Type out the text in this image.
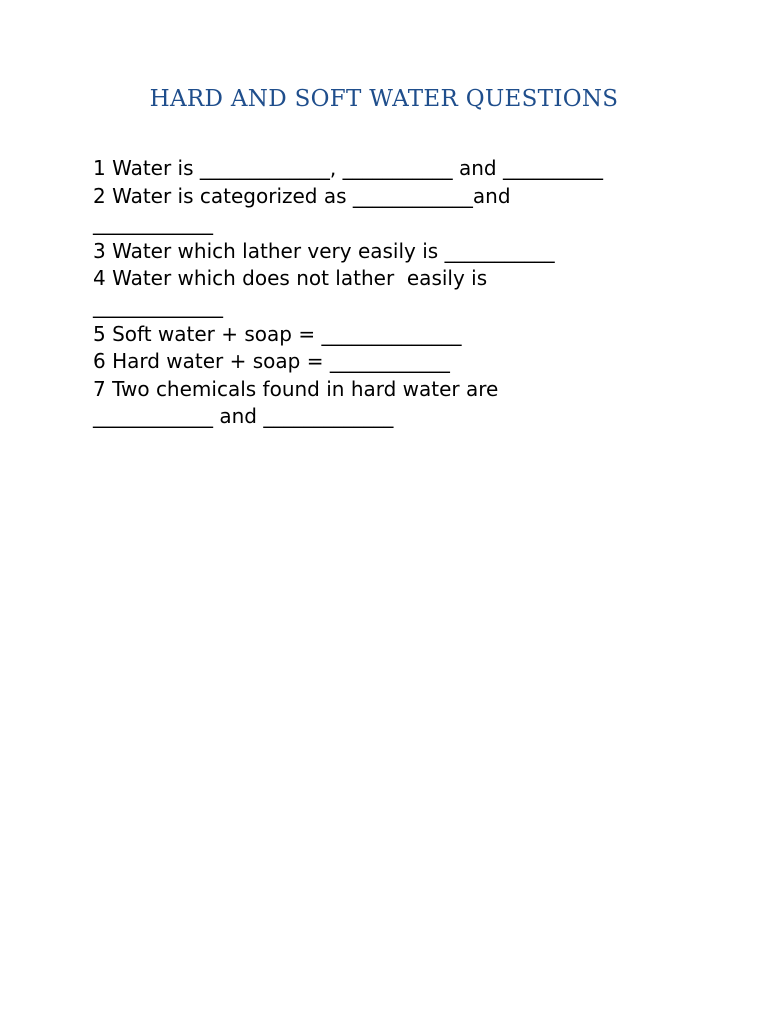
HARD AND SOFT WATER QUESTIONS
1 Water is _____________, ___________ and __________
2 Water is categorized as ____________and
____________
3 Water which lather very easily is ___________
4 Water which does not lather  easily is
_____________
5 Soft water + soap = ______________
6 Hard water + soap = ____________
7 Two chemicals found in hard water are
____________ and _____________
